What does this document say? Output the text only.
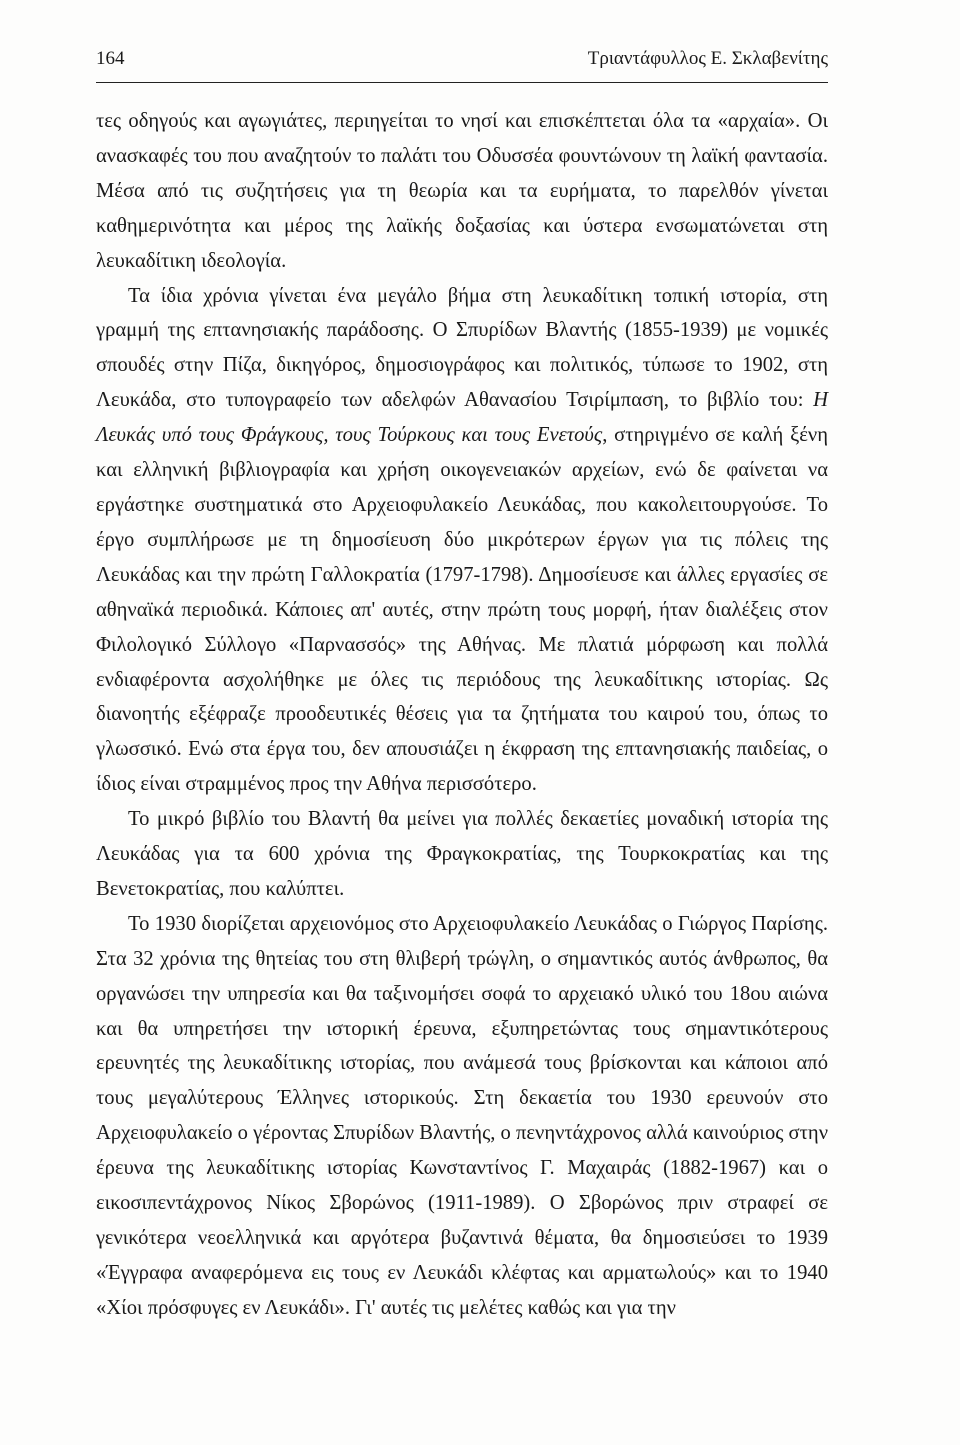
164	Τριαντάφυλλος Ε. Σκλαβενίτης

τες οδηγούς και αγωγιάτες, περιηγείται το νησί και επισκέπτεται όλα τα «αρχαία». Οι ανασκαφές του που αναζητούν το παλάτι του Οδυσσέα φουντώνουν τη λαϊκή φαντασία. Μέσα από τις συζητήσεις για τη θεωρία και τα ευρήματα, το παρελθόν γίνεται καθημερινότητα και μέρος της λαϊκής δοξασίας και ύστερα ενσωματώνεται στη λευκαδίτικη ιδεολογία.

Τα ίδια χρόνια γίνεται ένα μεγάλο βήμα στη λευκαδίτικη τοπική ιστορία, στη γραμμή της επτανησιακής παράδοσης. Ο Σπυρίδων Βλαντής (1855-1939) με νομικές σπουδές στην Πίζα, δικηγόρος, δημοσιογράφος και πολιτικός, τύπωσε το 1902, στη Λευκάδα, στο τυπογραφείο των αδελφών Αθανασίου Τσιρίμπαση, το βιβλίο του: Η Λευκάς υπό τους Φράγκους, τους Τούρκους και τους Ενετούς, στηριγμένο σε καλή ξένη και ελληνική βιβλιογραφία και χρήση οικογενειακών αρχείων, ενώ δε φαίνεται να εργάστηκε συστηματικά στο Αρχειοφυλακείο Λευκάδας, που κακολειτουργούσε. Το έργο συμπλήρωσε με τη δημοσίευση δύο μικρότερων έργων για τις πόλεις της Λευκάδας και την πρώτη Γαλλοκρατία (1797-1798). Δημοσίευσε και άλλες εργασίες σε αθηναϊκά περιοδικά. Κάποιες απ' αυτές, στην πρώτη τους μορφή, ήταν διαλέξεις στον Φιλολογικό Σύλλογο «Παρνασσός» της Αθήνας. Με πλατιά μόρφωση και πολλά ενδιαφέροντα ασχολήθηκε με όλες τις περιόδους της λευκαδίτικης ιστορίας. Ως διανοητής εξέφραζε προοδευτικές θέσεις για τα ζητήματα του καιρού του, όπως το γλωσσικό. Ενώ στα έργα του, δεν απουσιάζει η έκφραση της επτανησιακής παιδείας, ο ίδιος είναι στραμμένος προς την Αθήνα περισσότερο.

Το μικρό βιβλίο του Βλαντή θα μείνει για πολλές δεκαετίες μοναδική ιστορία της Λευκάδας για τα 600 χρόνια της Φραγκοκρατίας, της Τουρκοκρατίας και της Βενετοκρατίας, που καλύπτει.

Το 1930 διορίζεται αρχειονόμος στο Αρχειοφυλακείο Λευκάδας ο Γιώργος Παρίσης. Στα 32 χρόνια της θητείας του στη θλιβερή τρώγλη, ο σημαντικός αυτός άνθρωπος, θα οργανώσει την υπηρεσία και θα ταξινομήσει σοφά το αρχειακό υλικό του 18ου αιώνα και θα υπηρετήσει την ιστορική έρευνα, εξυπηρετώντας τους σημαντικότερους ερευνητές της λευκαδίτικης ιστορίας, που ανάμεσά τους βρίσκονται και κάποιοι από τους μεγαλύτερους Έλληνες ιστορικούς. Στη δεκαετία του 1930 ερευνούν στο Αρχειοφυλακείο ο γέροντας Σπυρίδων Βλαντής, ο πενηντάχρονος αλλά καινούριος στην έρευνα της λευκαδίτικης ιστορίας Κωνσταντίνος Γ. Μαχαιράς (1882-1967) και ο εικοσιπεντάχρονος Νίκος Σβορώνος (1911-1989). Ο Σβορώνος πριν στραφεί σε γενικότερα νεοελληνικά και αργότερα βυζαντινά θέματα, θα δημοσιεύσει το 1939 «Έγγραφα αναφερόμενα εις τους εν Λευκάδι κλέφτας και αρματωλούς» και το 1940 «Χίοι πρόσφυγες εν Λευκάδι». Γι' αυτές τις μελέτες καθώς και για την
